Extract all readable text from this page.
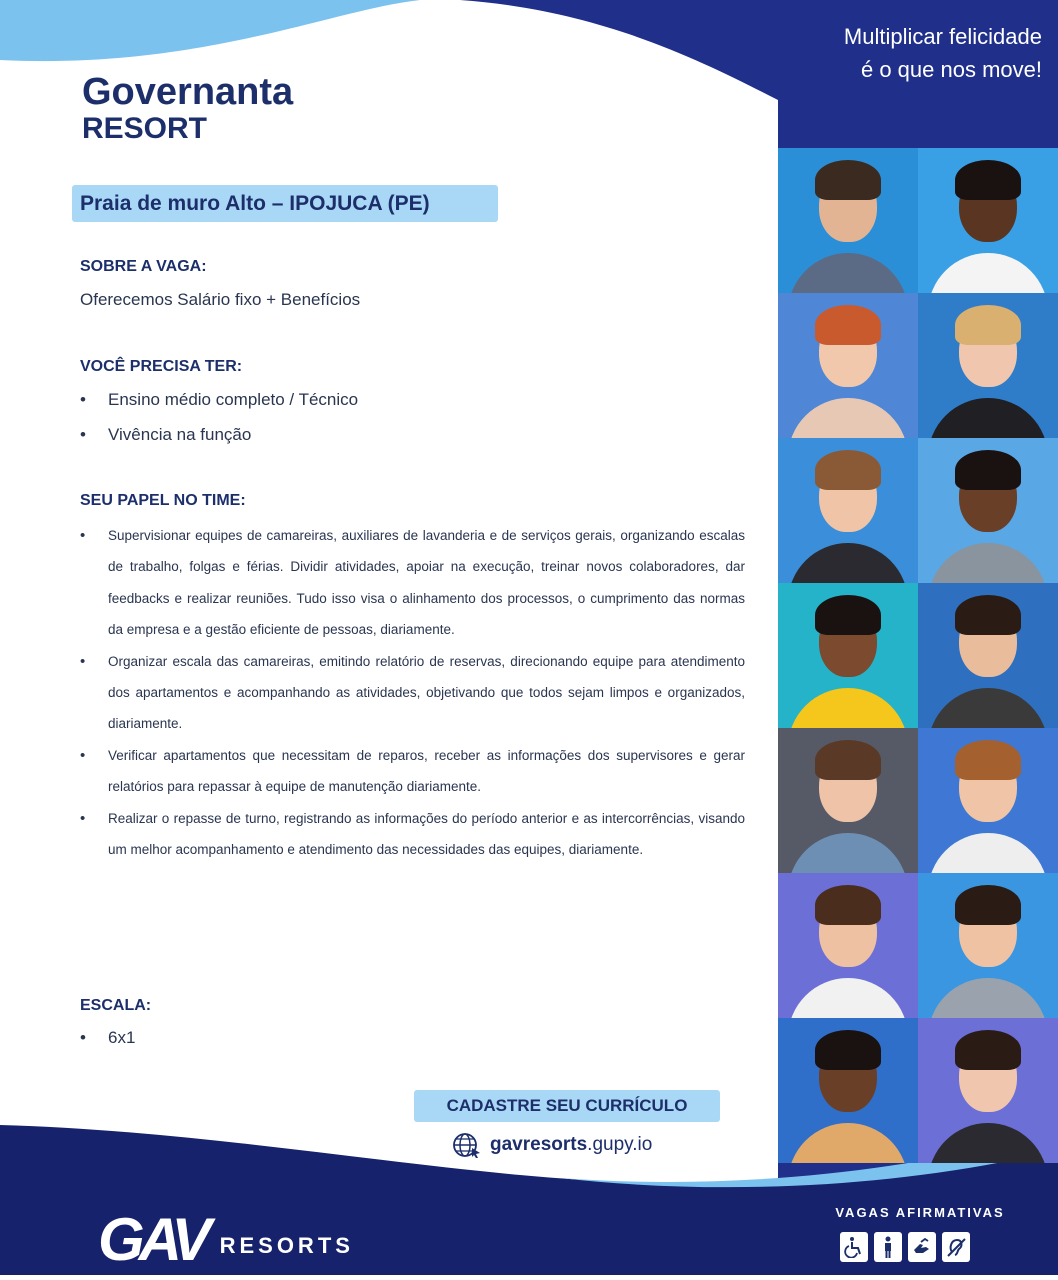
Multiplicar felicidade
é o que nos move!
Governanta
RESORT
Praia de muro Alto – IPOJUCA (PE)
SOBRE A VAGA:
Oferecemos Salário fixo + Benefícios
VOCÊ PRECISA TER:
Ensino médio completo / Técnico
Vivência na função
SEU PAPEL NO TIME:
• Supervisionar equipes de camareiras, auxiliares de lavanderia e de serviços gerais, organizando escalas de trabalho, folgas e férias. Dividir atividades, apoiar na execução, treinar novos colaboradores, dar feedbacks e realizar reuniões. Tudo isso visa o alinhamento dos processos, o cumprimento das normas da empresa e a gestão eficiente de pessoas, diariamente.
• Organizar escala das camareiras, emitindo relatório de reservas, direcionando equipe para atendimento dos apartamentos e acompanhando as atividades, objetivando que todos sejam limpos e organizados, diariamente.
• Verificar apartamentos que necessitam de reparos, receber as informações dos supervisores e gerar relatórios para repassar à equipe de manutenção diariamente.
• Realizar o repasse de turno, registrando as informações do período anterior e as intercorrências, visando um melhor acompanhamento e atendimento das necessidades das equipes, diariamente.
ESCALA:
6x1
CADASTRE SEU CURRÍCULO
gavresorts .gupy.io
GAV RESORTS
VAGAS AFIRMATIVAS
